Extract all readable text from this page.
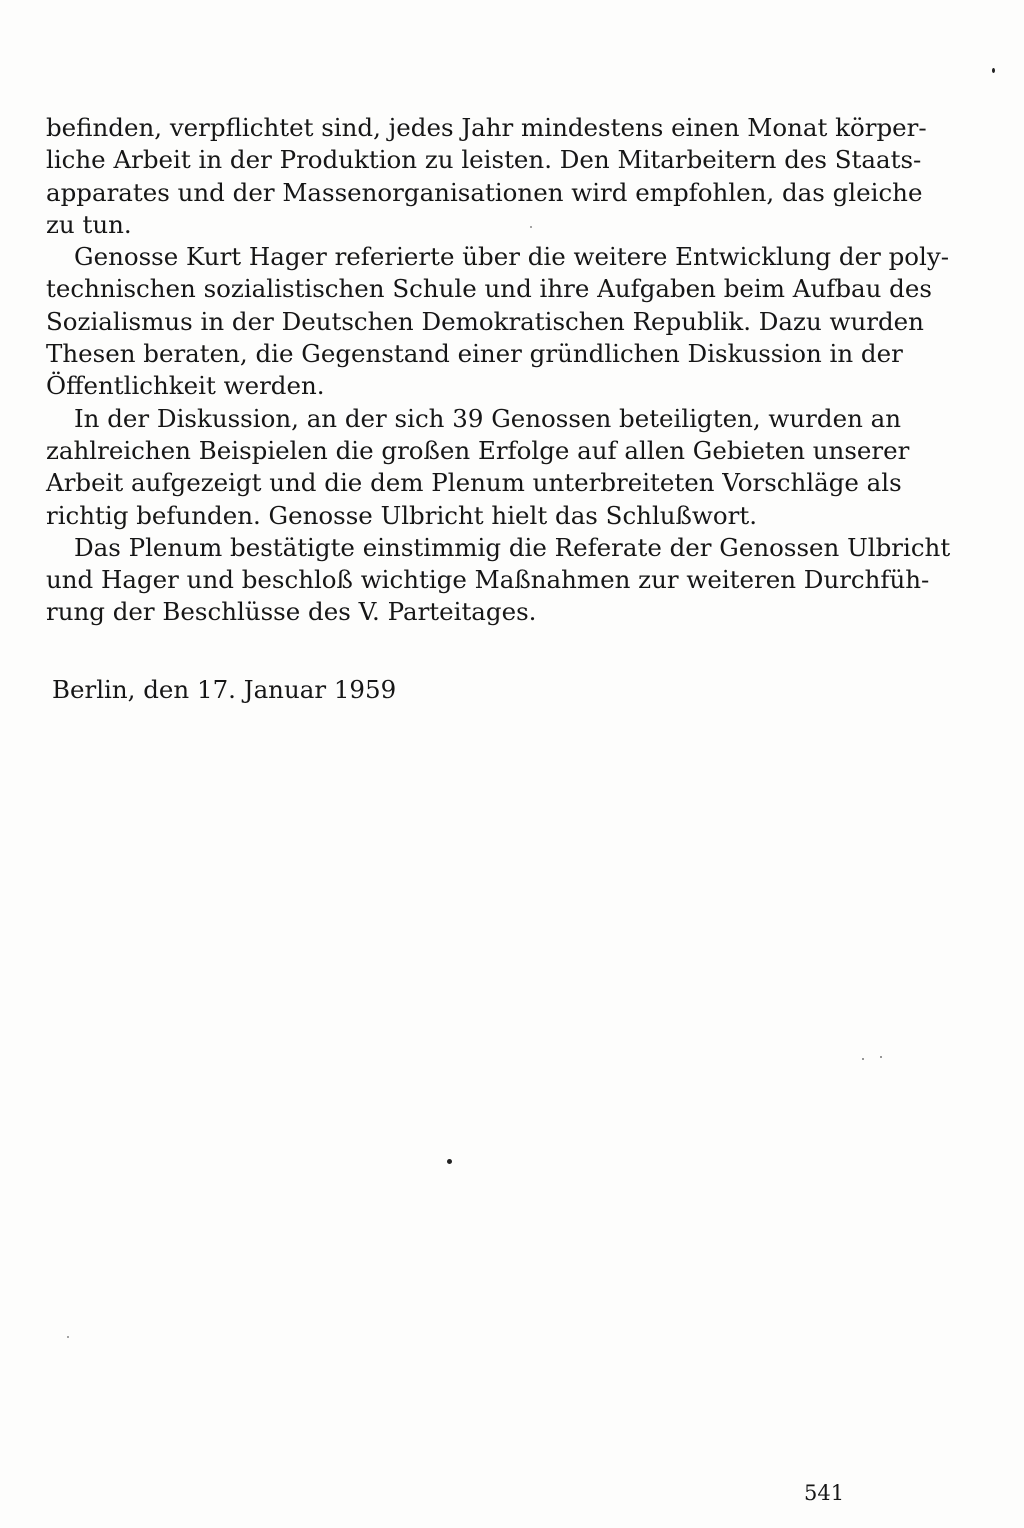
befinden, verpflichtet sind, jedes Jahr mindestens einen Monat körper-
liche Arbeit in der Produktion zu leisten. Den Mitarbeitern des Staats-
apparates und der Massenorganisationen wird empfohlen, das gleiche
zu tun.
Genosse Kurt Hager referierte über die weitere Entwicklung der poly-
technischen sozialistischen Schule und ihre Aufgaben beim Aufbau des
Sozialismus in der Deutschen Demokratischen Republik. Dazu wurden
Thesen beraten, die Gegenstand einer gründlichen Diskussion in der
Öffentlichkeit werden.
In der Diskussion, an der sich 39 Genossen beteiligten, wurden an
zahlreichen Beispielen die großen Erfolge auf allen Gebieten unserer
Arbeit aufgezeigt und die dem Plenum unterbreiteten Vorschläge als
richtig befunden. Genosse Ulbricht hielt das Schlußwort.
Das Plenum bestätigte einstimmig die Referate der Genossen Ulbricht
und Hager und beschloß wichtige Maßnahmen zur weiteren Durchfüh-
rung der Beschlüsse des V. Parteitages.
Berlin, den 17. Januar 1959
541
